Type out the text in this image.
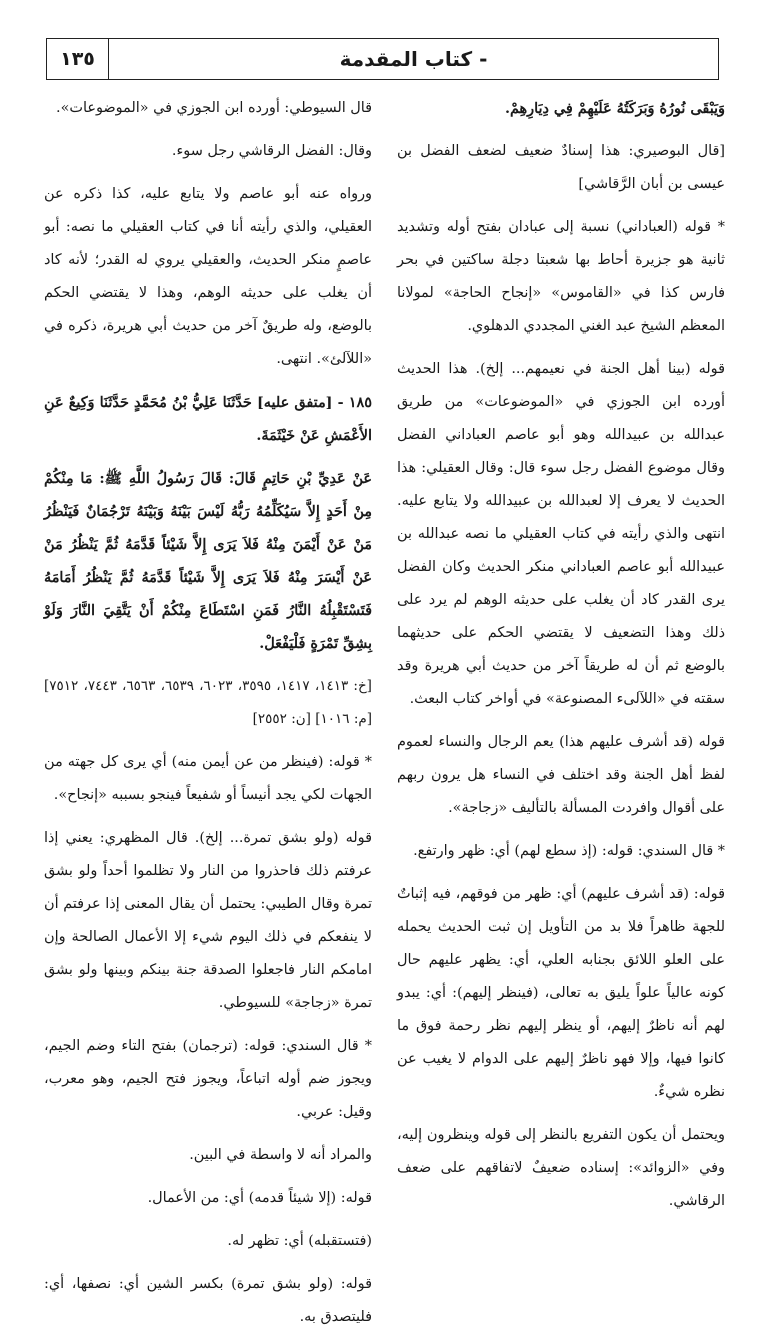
- كتاب المقدمة
١٣٥

وَيَبْقَى نُورُهُ وَبَرَكَتُهُ عَلَيْهِمْ فِي دِيَارِهِمْ.

[قال البوصيري: هذا إسنادٌ ضعيف لضعف الفضل بن عيسى بن أبان الرَّقاشي]

* قوله (العباداني) نسبة إلى عبادان بفتح أوله وتشديد ثانية هو جزيرة أحاط بها شعبتا دجلة ساكتين في بحر فارس كذا في «القاموس» «إنجاح الحاجة» لمولانا المعظم الشيخ عبد الغني المجددي الدهلوي.

قوله (بينا أهل الجنة في نعيمهم... إلخ). هذا الحديث أورده ابن الجوزي في «الموضوعات» من طريق عبدالله بن عبيدالله وهو أبو عاصم العباداني الفضل وقال موضوع الفضل رجل سوء قال: وقال العقيلي: هذا الحديث لا يعرف إلا لعبدالله بن عبيدالله ولا يتابع عليه. انتهى والذي رأيته في كتاب العقيلي ما نصه عبدالله بن عبيدالله أبو عاصم العباداني منكر الحديث وكان الفضل يرى القدر كاد أن يغلب على حديثه الوهم لم يرد على ذلك وهذا التضعيف لا يقتضي الحكم على حديثهما بالوضع ثم أن له طريقاً آخر من حديث أبي هريرة وقد سقته في «اللآلىء المصنوعة» في أواخر كتاب البعث.

قوله (قد أشرف عليهم هذا) يعم الرجال والنساء لعموم لفظ أهل الجنة وقد اختلف في النساء هل يرون ربهم على أقوال وافردت المسألة بالتأليف «زجاجة».

* قال السندي: قوله: (إذ سطع لهم) أي: ظهر وارتفع.

قوله: (قد أشرف عليهم) أي: ظهر من فوقهم، فيه إثباتٌ للجهة ظاهراً فلا بد من التأويل إن ثبت الحديث يحمله على العلو اللائق بجنابه العلي، أي: يظهر عليهم حال كونه عالياً علواً يليق به تعالى، (فينظر إليهم): أي: يبدو لهم أنه ناظرٌ إليهم، أو ينظر إليهم نظر رحمة فوق ما كانوا فيها، وإلا فهو ناظرٌ إليهم على الدوام لا يغيب عن نظره شيءٌ.

ويحتمل أن يكون التفريع بالنظر إلى قوله وينظرون إليه، وفي «الزوائد»: إسناده ضعيفٌ لاتفاقهم على ضعف الرقاشي.

قال السيوطي: أورده ابن الجوزي في «الموضوعات».

وقال: الفضل الرقاشي رجل سوء.

ورواه عنه أبو عاصم ولا يتابع عليه، كذا ذكره عن العقيلي، والذي رأيته أنا في كتاب العقيلي ما نصه: أبو عاصمٍ منكر الحديث، والعقيلي يروي له القدر؛ لأنه كاد أن يغلب على حديثه الوهم، وهذا لا يقتضي الحكم بالوضع، وله طريقٌ آخر من حديث أبي هريرة، ذكره في «اللآلئ». انتهى.

١٨٥ - [متفق عليه] حَدَّثَنَا عَلِيُّ بْنُ مُحَمَّدٍ حَدَّثَنَا وَكِيعٌ عَنِ الأَعْمَشِ عَنْ خَيْثَمَةَ.

عَنْ عَدِيِّ بْنِ حَاتِمٍ قَالَ: قَالَ رَسُولُ اللَّهِ ﷺ: مَا مِنْكُمْ مِنْ أَحَدٍ إِلاَّ سَيُكَلِّمُهُ رَبُّهُ لَيْسَ بَيْنَهُ وَبَيْنَهُ تَرْجُمَانٌ فَيَنْظُرُ مَنْ عَنْ أَيْمَنَ مِنْهُ فَلاَ يَرَى إِلاَّ شَيْئاً قَدَّمَهُ ثُمَّ يَنْظُرُ مَنْ عَنْ أَيْسَرَ مِنْهُ فَلاَ يَرَى إِلاَّ شَيْئاً قَدَّمَهُ ثُمَّ يَنْظُرُ أَمَامَهُ فَتَسْتَقْبِلُهُ النَّارُ فَمَنِ اسْتَطَاعَ مِنْكُمْ أَنْ يَتَّقِيَ النَّارَ وَلَوْ بِشِقِّ تَمْرَةٍ فَلْيَفْعَلْ.

[خ: ١٤١٣، ١٤١٧، ٣٥٩٥، ٦٠٢٣، ٦٥٣٩، ٦٥٦٣، ٧٤٤٣، ٧٥١٢] [م: ١٠١٦] [ن: ٢٥٥٢]

* قوله: (فينظر من عن أيمن منه) أي يرى كل جهته من الجهات لكي يجد أنيساً أو شفيعاً فينجو بسببه «إنجاح».

قوله (ولو بشق تمرة... إلخ). قال المظهري: يعني إذا عرفتم ذلك فاحذروا من النار ولا تظلموا أحداً ولو بشق تمرة وقال الطيبي: يحتمل أن يقال المعنى إذا عرفتم أن لا ينفعكم في ذلك اليوم شيء إلا الأعمال الصالحة وإن امامكم النار فاجعلوا الصدقة جنة بينكم وبينها ولو بشق تمرة «زجاجة» للسيوطي.

* قال السندي: قوله: (ترجمان) بفتح التاء وضم الجيم، ويجوز ضم أوله اتباعاً، ويجوز فتح الجيم، وهو معرب، وقيل: عربي.

والمراد أنه لا واسطة في البين.

قوله: (إلا شيئاً قدمه) أي: من الأعمال.

(فتستقبله) أي: تظهر له.

قوله: (ولو بشق تمرة) بكسر الشين أي: نصفها، أي: فليتصدق به.
